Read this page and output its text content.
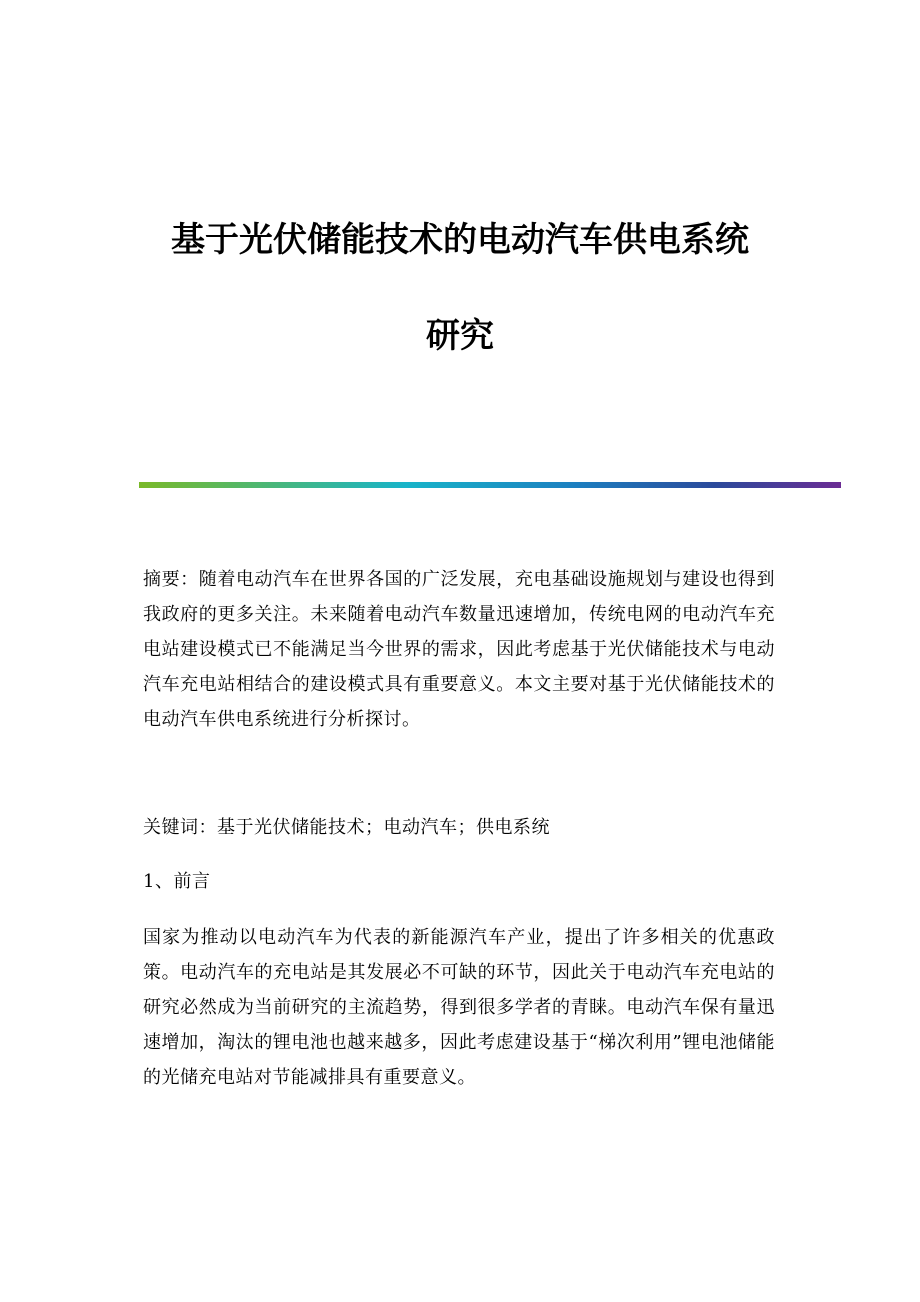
基于光伏储能技术的电动汽车供电系统
研究

摘要：随着电动汽车在世界各国的广泛发展，充电基础设施规划与建设也得到我政府的更多关注。未来随着电动汽车数量迅速增加，传统电网的电动汽车充电站建设模式已不能满足当今世界的需求，因此考虑基于光伏储能技术与电动汽车充电站相结合的建设模式具有重要意义。本文主要对基于光伏储能技术的电动汽车供电系统进行分析探讨。

关键词：基于光伏储能技术；电动汽车；供电系统

1、前言

国家为推动以电动汽车为代表的新能源汽车产业，提出了许多相关的优惠政策。电动汽车的充电站是其发展必不可缺的环节，因此关于电动汽车充电站的研究必然成为当前研究的主流趋势，得到很多学者的青睐。电动汽车保有量迅速增加，淘汰的锂电池也越来越多，因此考虑建设基于“梯次利用”锂电池储能的光储充电站对节能减排具有重要意义。
